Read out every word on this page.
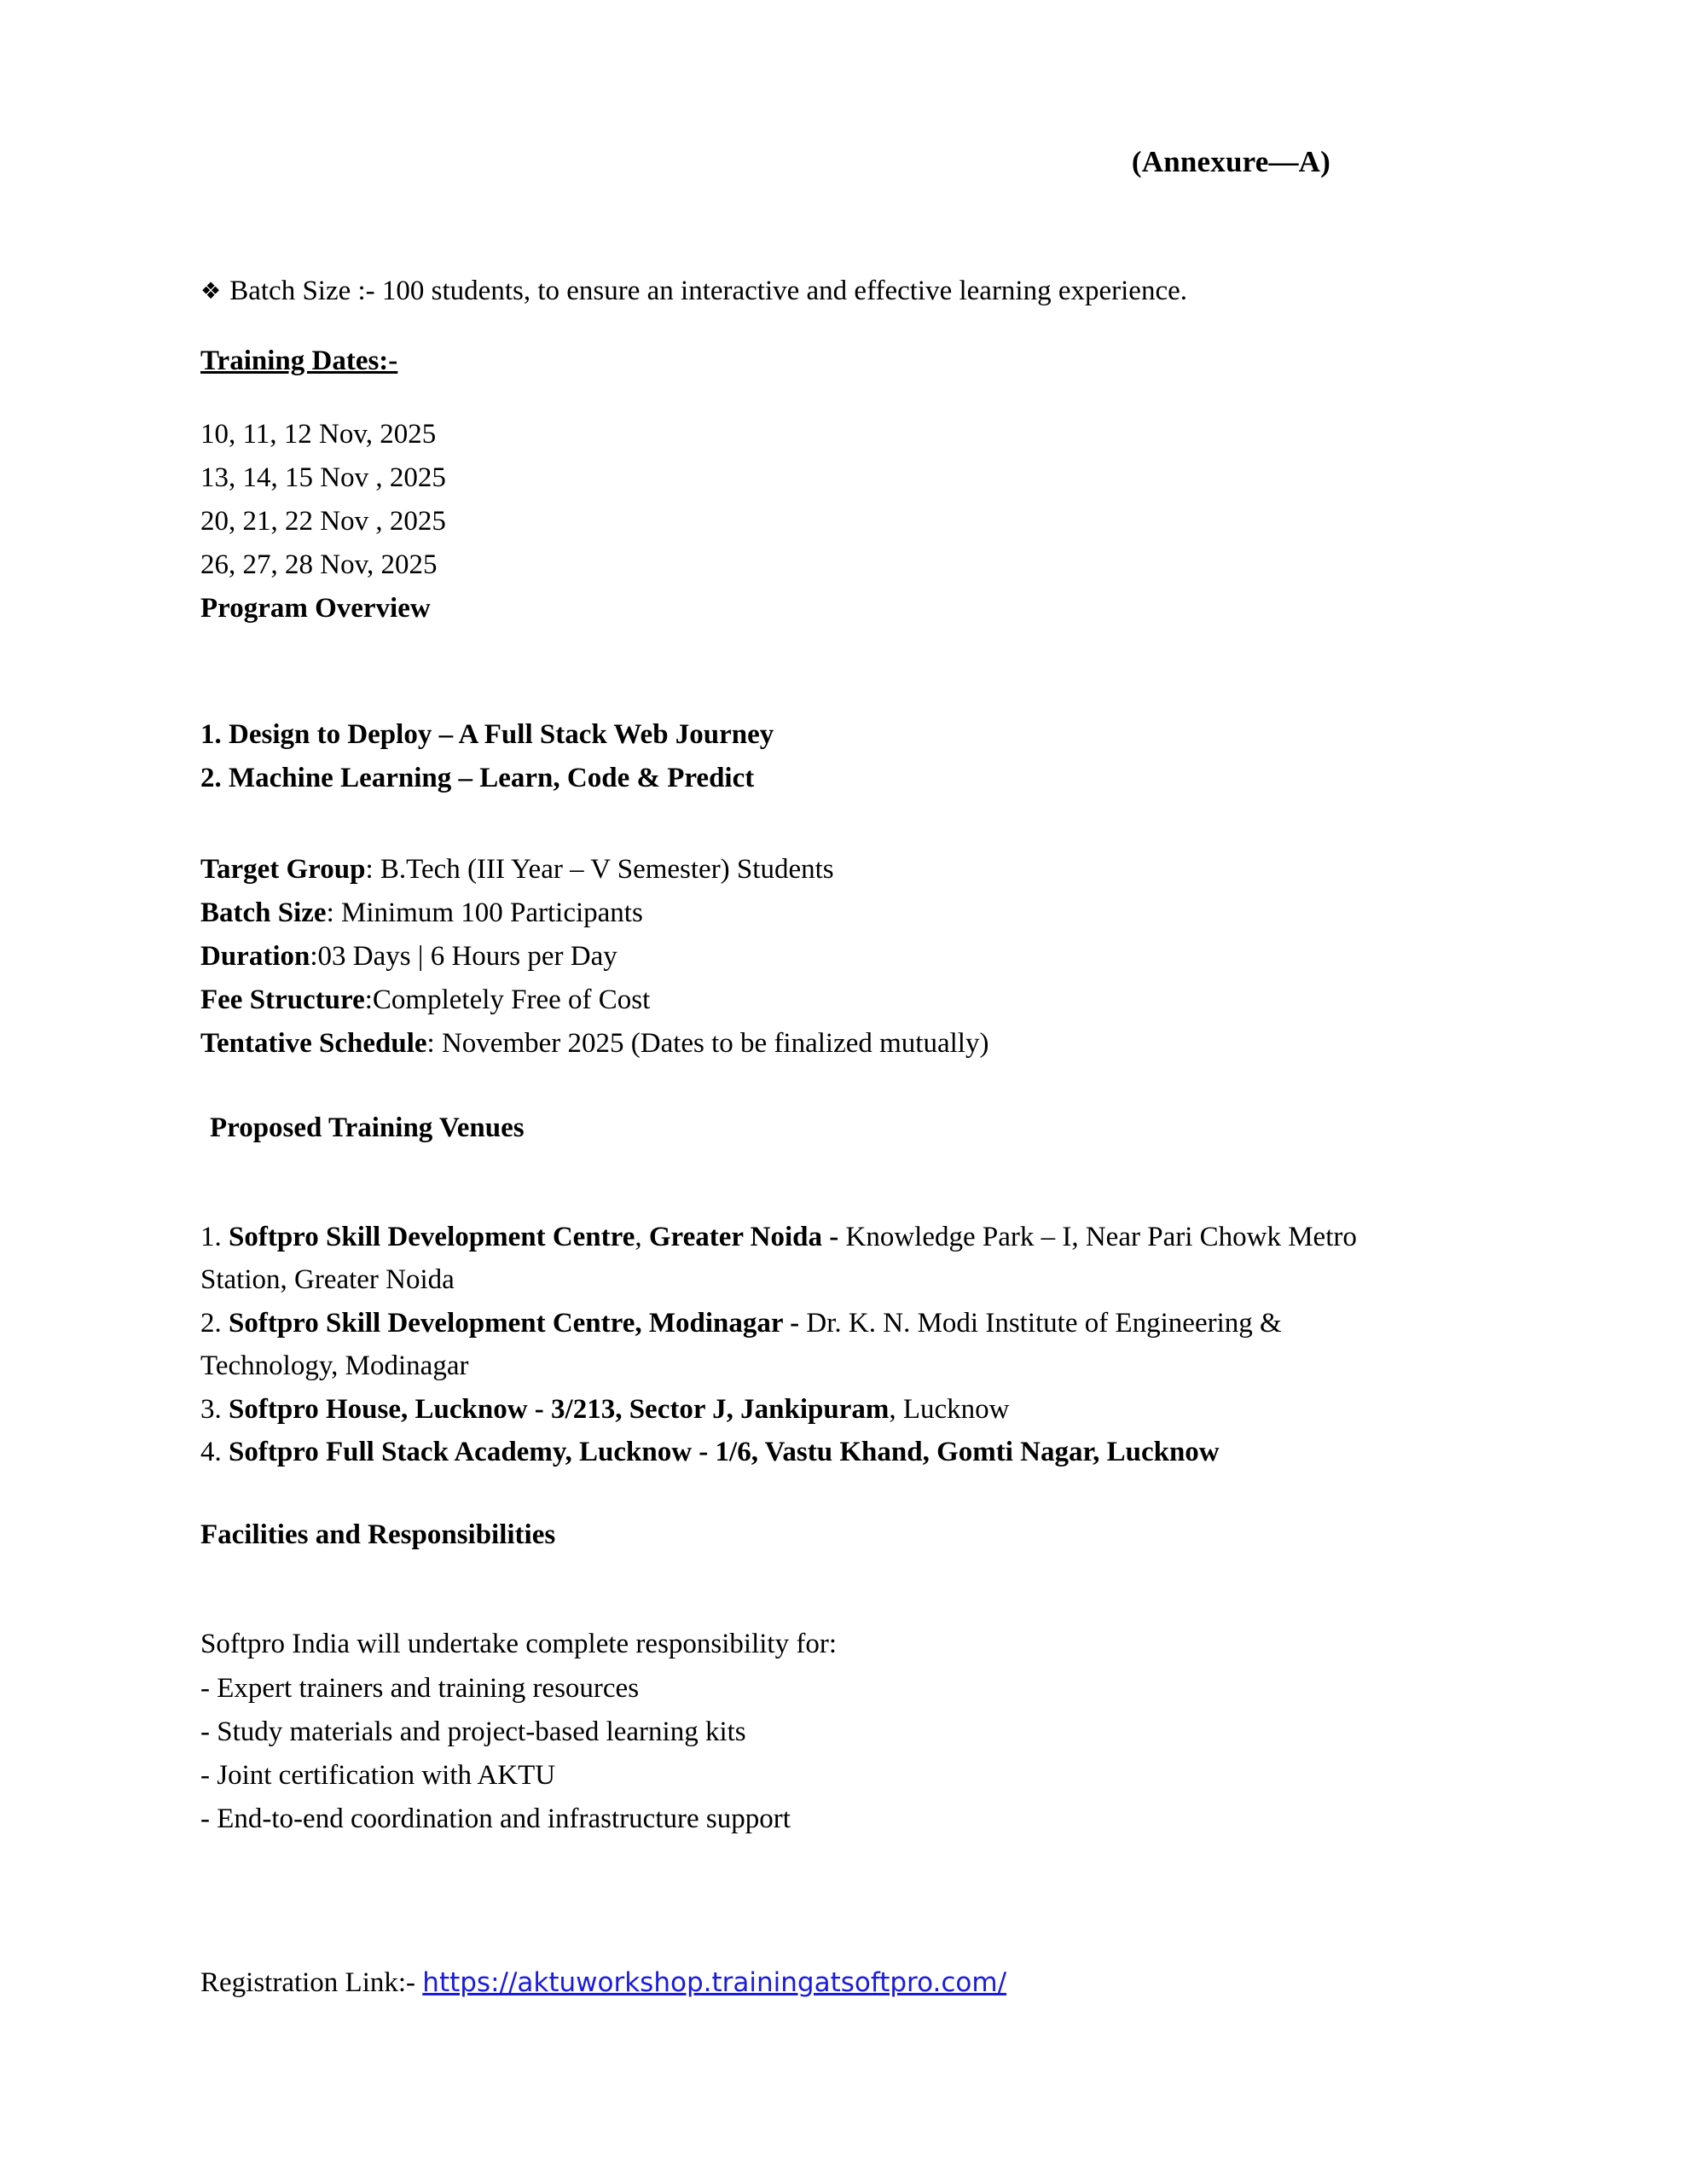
(Annexure—A)
❖ Batch Size :- 100 students, to ensure an interactive and effective learning experience.
Training Dates:-
10, 11, 12 Nov, 2025
13, 14, 15 Nov , 2025
20, 21, 22 Nov , 2025
26, 27, 28 Nov, 2025
Program Overview
1. Design to Deploy – A Full Stack Web Journey
2. Machine Learning – Learn, Code & Predict
Target Group: B.Tech (III Year – V Semester) Students
Batch Size: Minimum 100 Participants
Duration:03 Days | 6 Hours per Day
Fee Structure:Completely Free of Cost
Tentative Schedule: November 2025 (Dates to be finalized mutually)
Proposed Training Venues
1. Softpro Skill Development Centre, Greater Noida - Knowledge Park – I, Near Pari Chowk Metro Station, Greater Noida
2. Softpro Skill Development Centre, Modinagar - Dr. K. N. Modi Institute of Engineering & Technology, Modinagar
3. Softpro House, Lucknow - 3/213, Sector J, Jankipuram, Lucknow
4. Softpro Full Stack Academy, Lucknow - 1/6, Vastu Khand, Gomti Nagar, Lucknow
Facilities and Responsibilities
Softpro India will undertake complete responsibility for:
- Expert trainers and training resources
- Study materials and project-based learning kits
- Joint certification with AKTU
- End-to-end coordination and infrastructure support
Registration Link:- https://aktuworkshop.trainingatsoftpro.com/
